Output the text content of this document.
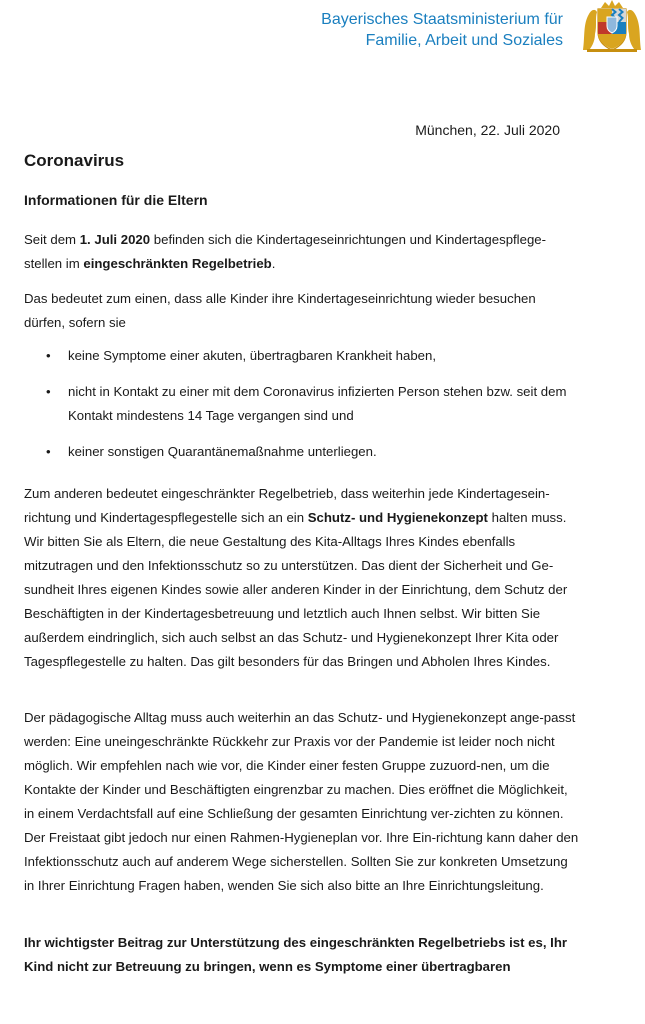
Bayerisches Staatsministerium für
Familie, Arbeit und Soziales
München, 22. Juli 2020
Coronavirus
Informationen für die Eltern

Seit dem 1. Juli 2020 befinden sich die Kindertageseinrichtungen und Kindertagespflege-stellen im eingeschränkten Regelbetrieb.

Das bedeutet zum einen, dass alle Kinder ihre Kindertageseinrichtung wieder besuchen dürfen, sofern sie

• keine Symptome einer akuten, übertragbaren Krankheit haben,
• nicht in Kontakt zu einer mit dem Coronavirus infizierten Person stehen bzw. seit dem Kontakt mindestens 14 Tage vergangen sind und
• keiner sonstigen Quarantänemaßnahme unterliegen.

Zum anderen bedeutet eingeschränkter Regelbetrieb, dass weiterhin jede Kindertagesein-richtung und Kindertagespflegestelle sich an ein Schutz- und Hygienekonzept halten muss. Wir bitten Sie als Eltern, die neue Gestaltung des Kita-Alltags Ihres Kindes ebenfalls mitzutragen und den Infektionsschutz so zu unterstützen. Das dient der Sicherheit und Ge-sundheit Ihres eigenen Kindes sowie aller anderen Kinder in der Einrichtung, dem Schutz der Beschäftigten in der Kindertagesbetreuung und letztlich auch Ihnen selbst. Wir bitten Sie außerdem eindringlich, sich auch selbst an das Schutz- und Hygienekonzept Ihrer Kita oder Tagespflegestelle zu halten. Das gilt besonders für das Bringen und Abholen Ihres Kindes.

Der pädagogische Alltag muss auch weiterhin an das Schutz- und Hygienekonzept ange-passt werden: Eine uneingeschränkte Rückkehr zur Praxis vor der Pandemie ist leider noch nicht möglich. Wir empfehlen nach wie vor, die Kinder einer festen Gruppe zuzuord-nen, um die Kontakte der Kinder und Beschäftigten eingrenzbar zu machen. Dies eröffnet die Möglichkeit, in einem Verdachtsfall auf eine Schließung der gesamten Einrichtung ver-zichten zu können. Der Freistaat gibt jedoch nur einen Rahmen-Hygieneplan vor. Ihre Ein-richtung kann daher den Infektionsschutz auch auf anderem Wege sicherstellen. Sollten Sie zur konkreten Umsetzung in Ihrer Einrichtung Fragen haben, wenden Sie sich also bitte an Ihre Einrichtungsleitung.

Ihr wichtigster Beitrag zur Unterstützung des eingeschränkten Regelbetriebs ist es, Ihr Kind nicht zur Betreuung zu bringen, wenn es Symptome einer übertragbaren
